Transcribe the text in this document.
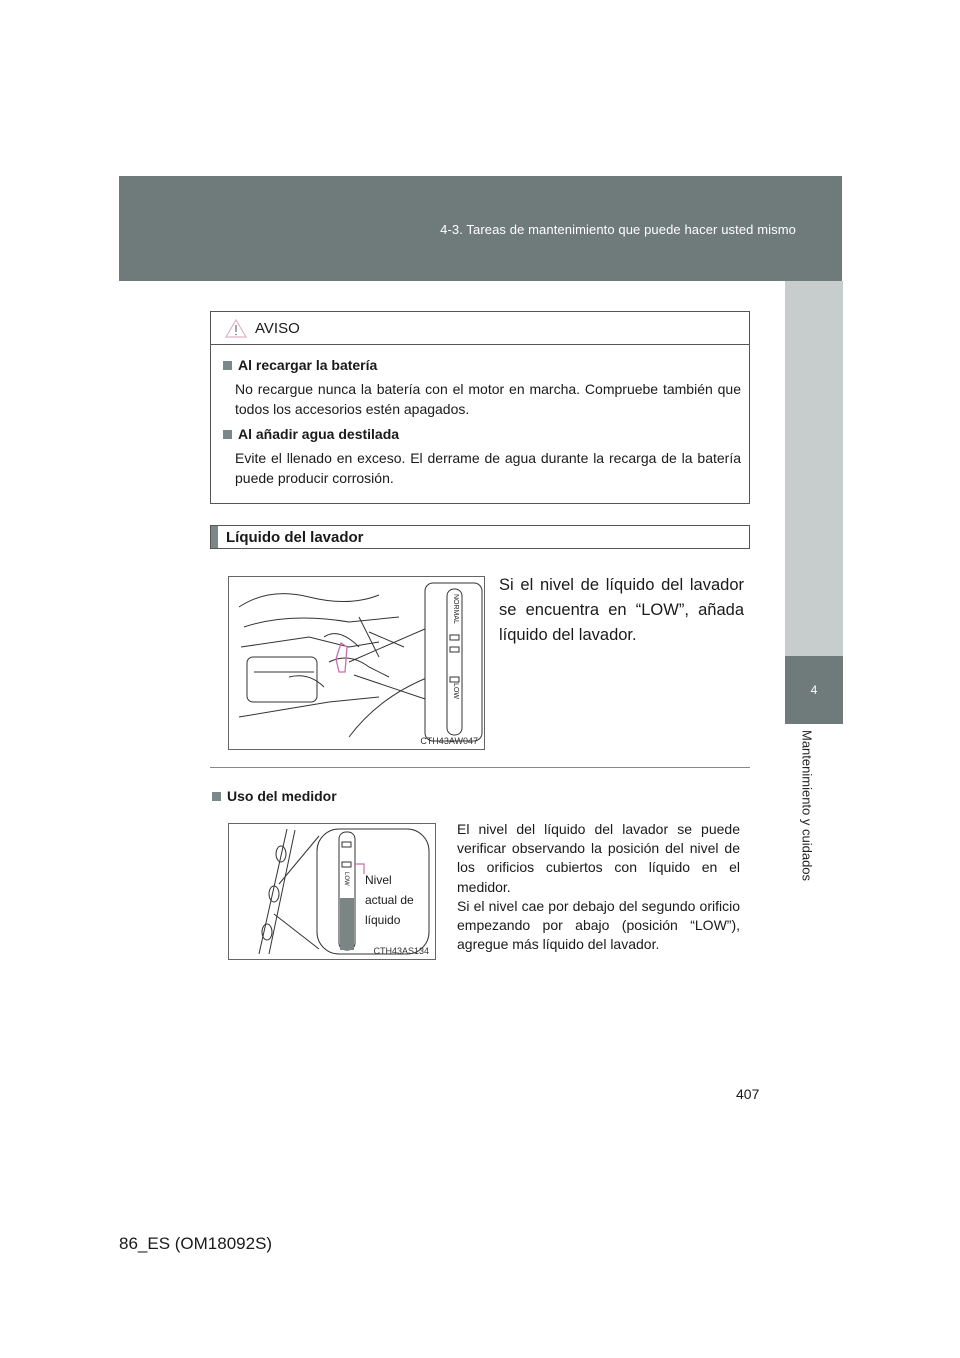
4-3. Tareas de mantenimiento que puede hacer usted mismo
4
Mantenimiento y cuidados
AVISO
Al recargar la batería
No recargue nunca la batería con el motor en marcha. Compruebe también que todos los accesorios estén apagados.
Al añadir agua destilada
Evite el llenado en exceso. El derrame de agua durante la recarga de la batería puede producir corrosión.
Líquido del lavador
NORMAL
LOW
CTH43AW047
Si el nivel de líquido del lavador se encuentra en “LOW”, añada líquido del lavador.
Uso del medidor
LOW
CTH43AS134
Nivel actual de líquido
El nivel del líquido del lavador se puede verificar observando la posición del nivel de los orificios cubiertos con líquido en el medidor.
Si el nivel cae por debajo del segundo orificio empezando por abajo (posición “LOW”), agregue más líquido del lavador.
407
86_ES (OM18092S)
